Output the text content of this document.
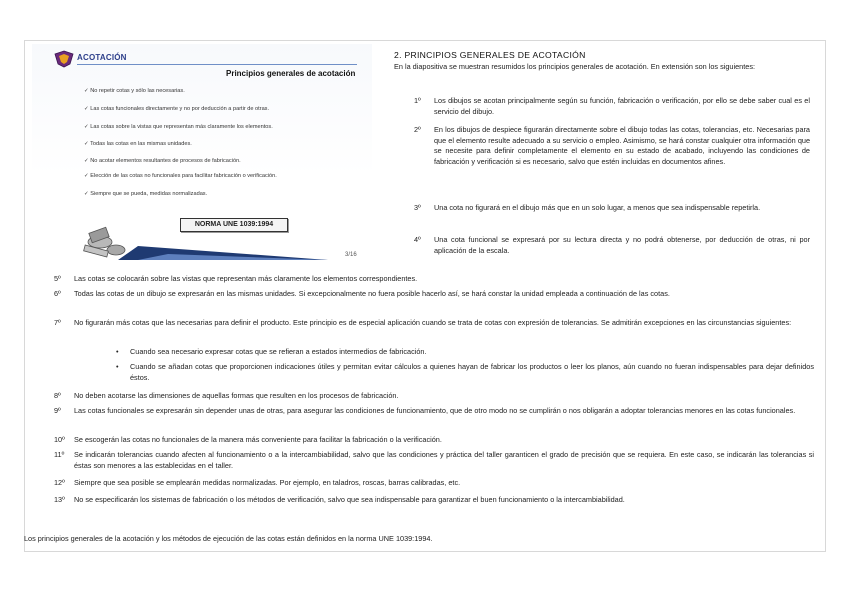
ACOTACIÓN
Principios generales de acotación
✓ No repetir cotas y sólo las necesarias.
✓ Las cotas funcionales directamente y no por deducción a partir de otras.
✓ Las cotas sobre la vistas que representan más claramente los elementos.
✓ Todas las cotas en las mismas unidades.
✓ No acotar elementos resultantes de procesos de fabricación.
✓ Elección de las cotas no funcionales para facilitar fabricación o verificación.
✓ Siempre que se pueda, medidas normalizadas.
NORMA UNE 1039:1994
3/16
2. PRINCIPIOS GENERALES DE ACOTACIÓN
En la diapositiva se muestran resumidos los principios generales de acotación. En extensión son los siguientes:
1º Los dibujos se acotan principalmente según su función, fabricación o verificación, por ello se debe saber cual es el servicio del dibujo.
2º En los dibujos de despiece figurarán directamente sobre el dibujo todas las cotas, tolerancias, etc. Necesarias para que el elemento resulte adecuado a su servicio o empleo. Asimismo, se hará constar cualquier otra información que se necesite para definir completamente el elemento en su estado de acabado, incluyendo las condiciones de fabricación y verificación si es necesario, salvo que estén incluidas en documentos afines.
3º Una cota no figurará en el dibujo más que en un solo lugar, a menos que sea indispensable repetirla.
4º Una cota funcional se expresará por su lectura directa y no podrá obtenerse, por deducción de otras, ni por aplicación de la escala.
5º Las cotas se colocarán sobre las vistas que representan más claramente los elementos correspondientes.
6º Todas las cotas de un dibujo se expresarán en las mismas unidades. Si excepcionalmente no fuera posible hacerlo así, se hará constar la unidad empleada a continuación de las cotas.
7º No figurarán más cotas que las necesarias para definir el producto. Este principio es de especial aplicación cuando se trata de cotas con expresión de tolerancias. Se admitirán excepciones en las circunstancias siguientes:
• Cuando sea necesario expresar cotas que se refieran a estados intermedios de fabricación.
• Cuando se añadan cotas que proporcionen indicaciones útiles y permitan evitar cálculos a quienes hayan de fabricar los productos o leer los planos, aún cuando no fueran indispensables para dejar definidos éstos.
8º No deben acotarse las dimensiones de aquellas formas que resulten en los procesos de fabricación.
9º Las cotas funcionales se expresarán sin depender unas de otras, para asegurar las condiciones de funcionamiento, que de otro modo no se cumplirán o nos obligarán a adoptar tolerancias menores en las cotas funcionales.
10º Se escogerán las cotas no funcionales de la manera más conveniente para facilitar la fabricación o la verificación.
11º Se indicarán tolerancias cuando afecten al funcionamiento o a la intercambiabilidad, salvo que las condiciones y práctica del taller garanticen el grado de precisión que se requiera. En este caso, se indicarán las tolerancias si éstas son menores a las establecidas en el taller.
12º Siempre que sea posible se emplearán medidas normalizadas. Por ejemplo, en taladros, roscas, barras calibradas, etc.
13º No se especificarán los sistemas de fabricación o los métodos de verificación, salvo que sea indispensable para garantizar el buen funcionamiento o la intercambiabilidad.
Los principios generales de la acotación y los métodos de ejecución de las cotas están definidos en la norma UNE 1039:1994.
